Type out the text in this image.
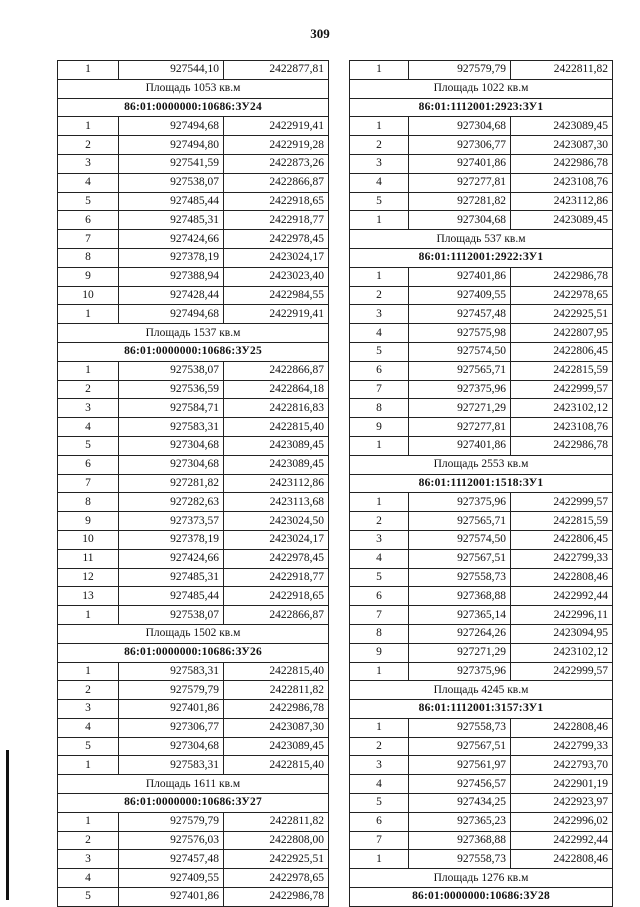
309
1	927544,10	2422877,81
Площадь 1053 кв.м		
86:01:0000000:10686:ЗУ24		
1	927494,68	2422919,41
2	927494,80	2422919,28
3	927541,59	2422873,26
4	927538,07	2422866,87
5	927485,44	2422918,65
6	927485,31	2422918,77
7	927424,66	2422978,45
8	927378,19	2423024,17
9	927388,94	2423023,40
10	927428,44	2422984,55
1	927494,68	2422919,41
Площадь 1537 кв.м		
86:01:0000000:10686:ЗУ25		
1	927538,07	2422866,87
2	927536,59	2422864,18
3	927584,71	2422816,83
4	927583,31	2422815,40
5	927304,68	2423089,45
6	927304,68	2423089,45
7	927281,82	2423112,86
8	927282,63	2423113,68
9	927373,57	2423024,50
10	927378,19	2423024,17
11	927424,66	2422978,45
12	927485,31	2422918,77
13	927485,44	2422918,65
1	927538,07	2422866,87
Площадь 1502 кв.м		
86:01:0000000:10686:ЗУ26		
1	927583,31	2422815,40
2	927579,79	2422811,82
3	927401,86	2422986,78
4	927306,77	2423087,30
5	927304,68	2423089,45
1	927583,31	2422815,40
Площадь 1611 кв.м		
86:01:0000000:10686:ЗУ27		
1	927579,79	2422811,82
2	927576,03	2422808,00
3	927457,48	2422925,51
4	927409,55	2422978,65
5	927401,86	2422986,78
1	927579,79	2422811,82
Площадь 1022 кв.м		
86:01:1112001:2923:ЗУ1		
1	927304,68	2423089,45
2	927306,77	2423087,30
3	927401,86	2422986,78
4	927277,81	2423108,76
5	927281,82	2423112,86
1	927304,68	2423089,45
Площадь 537 кв.м		
86:01:1112001:2922:ЗУ1		
1	927401,86	2422986,78
2	927409,55	2422978,65
3	927457,48	2422925,51
4	927575,98	2422807,95
5	927574,50	2422806,45
6	927565,71	2422815,59
7	927375,96	2422999,57
8	927271,29	2423102,12
9	927277,81	2423108,76
1	927401,86	2422986,78
Площадь 2553 кв.м		
86:01:1112001:1518:ЗУ1		
1	927375,96	2422999,57
2	927565,71	2422815,59
3	927574,50	2422806,45
4	927567,51	2422799,33
5	927558,73	2422808,46
6	927368,88	2422992,44
7	927365,14	2422996,11
8	927264,26	2423094,95
9	927271,29	2423102,12
1	927375,96	2422999,57
Площадь 4245 кв.м		
86:01:1112001:3157:ЗУ1		
1	927558,73	2422808,46
2	927567,51	2422799,33
3	927561,97	2422793,70
4	927456,57	2422901,19
5	927434,25	2422923,97
6	927365,23	2422996,02
7	927368,88	2422992,44
1	927558,73	2422808,46
Площадь 1276 кв.м		
86:01:0000000:10686:ЗУ28		
